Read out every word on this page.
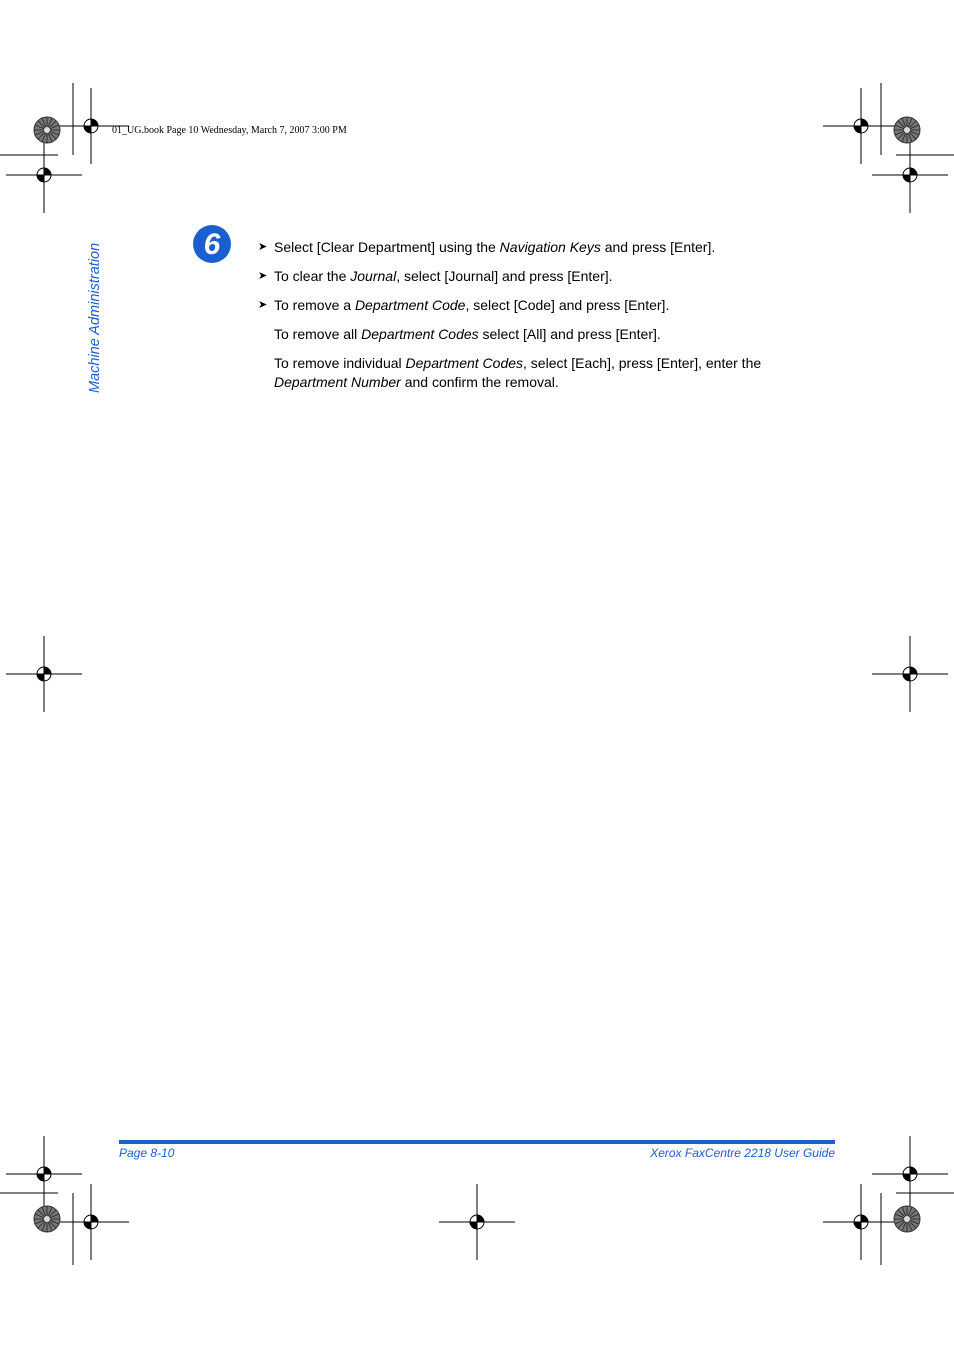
01_UG.book Page 10 Wednesday, March 7, 2007 3:00 PM
Machine Administration	6	➤ Select [Clear Department] using the Navigation Keys and press [Enter].
➤ To clear the Journal, select [Journal] and press [Enter].
➤ To remove a Department Code, select [Code] and press [Enter].
To remove all Department Codes select [All] and press [Enter].
To remove individual Department Codes, select [Each], press [Enter], enter the Department Number and confirm the removal.
Page 8-10	Xerox FaxCentre 2218 User Guide
